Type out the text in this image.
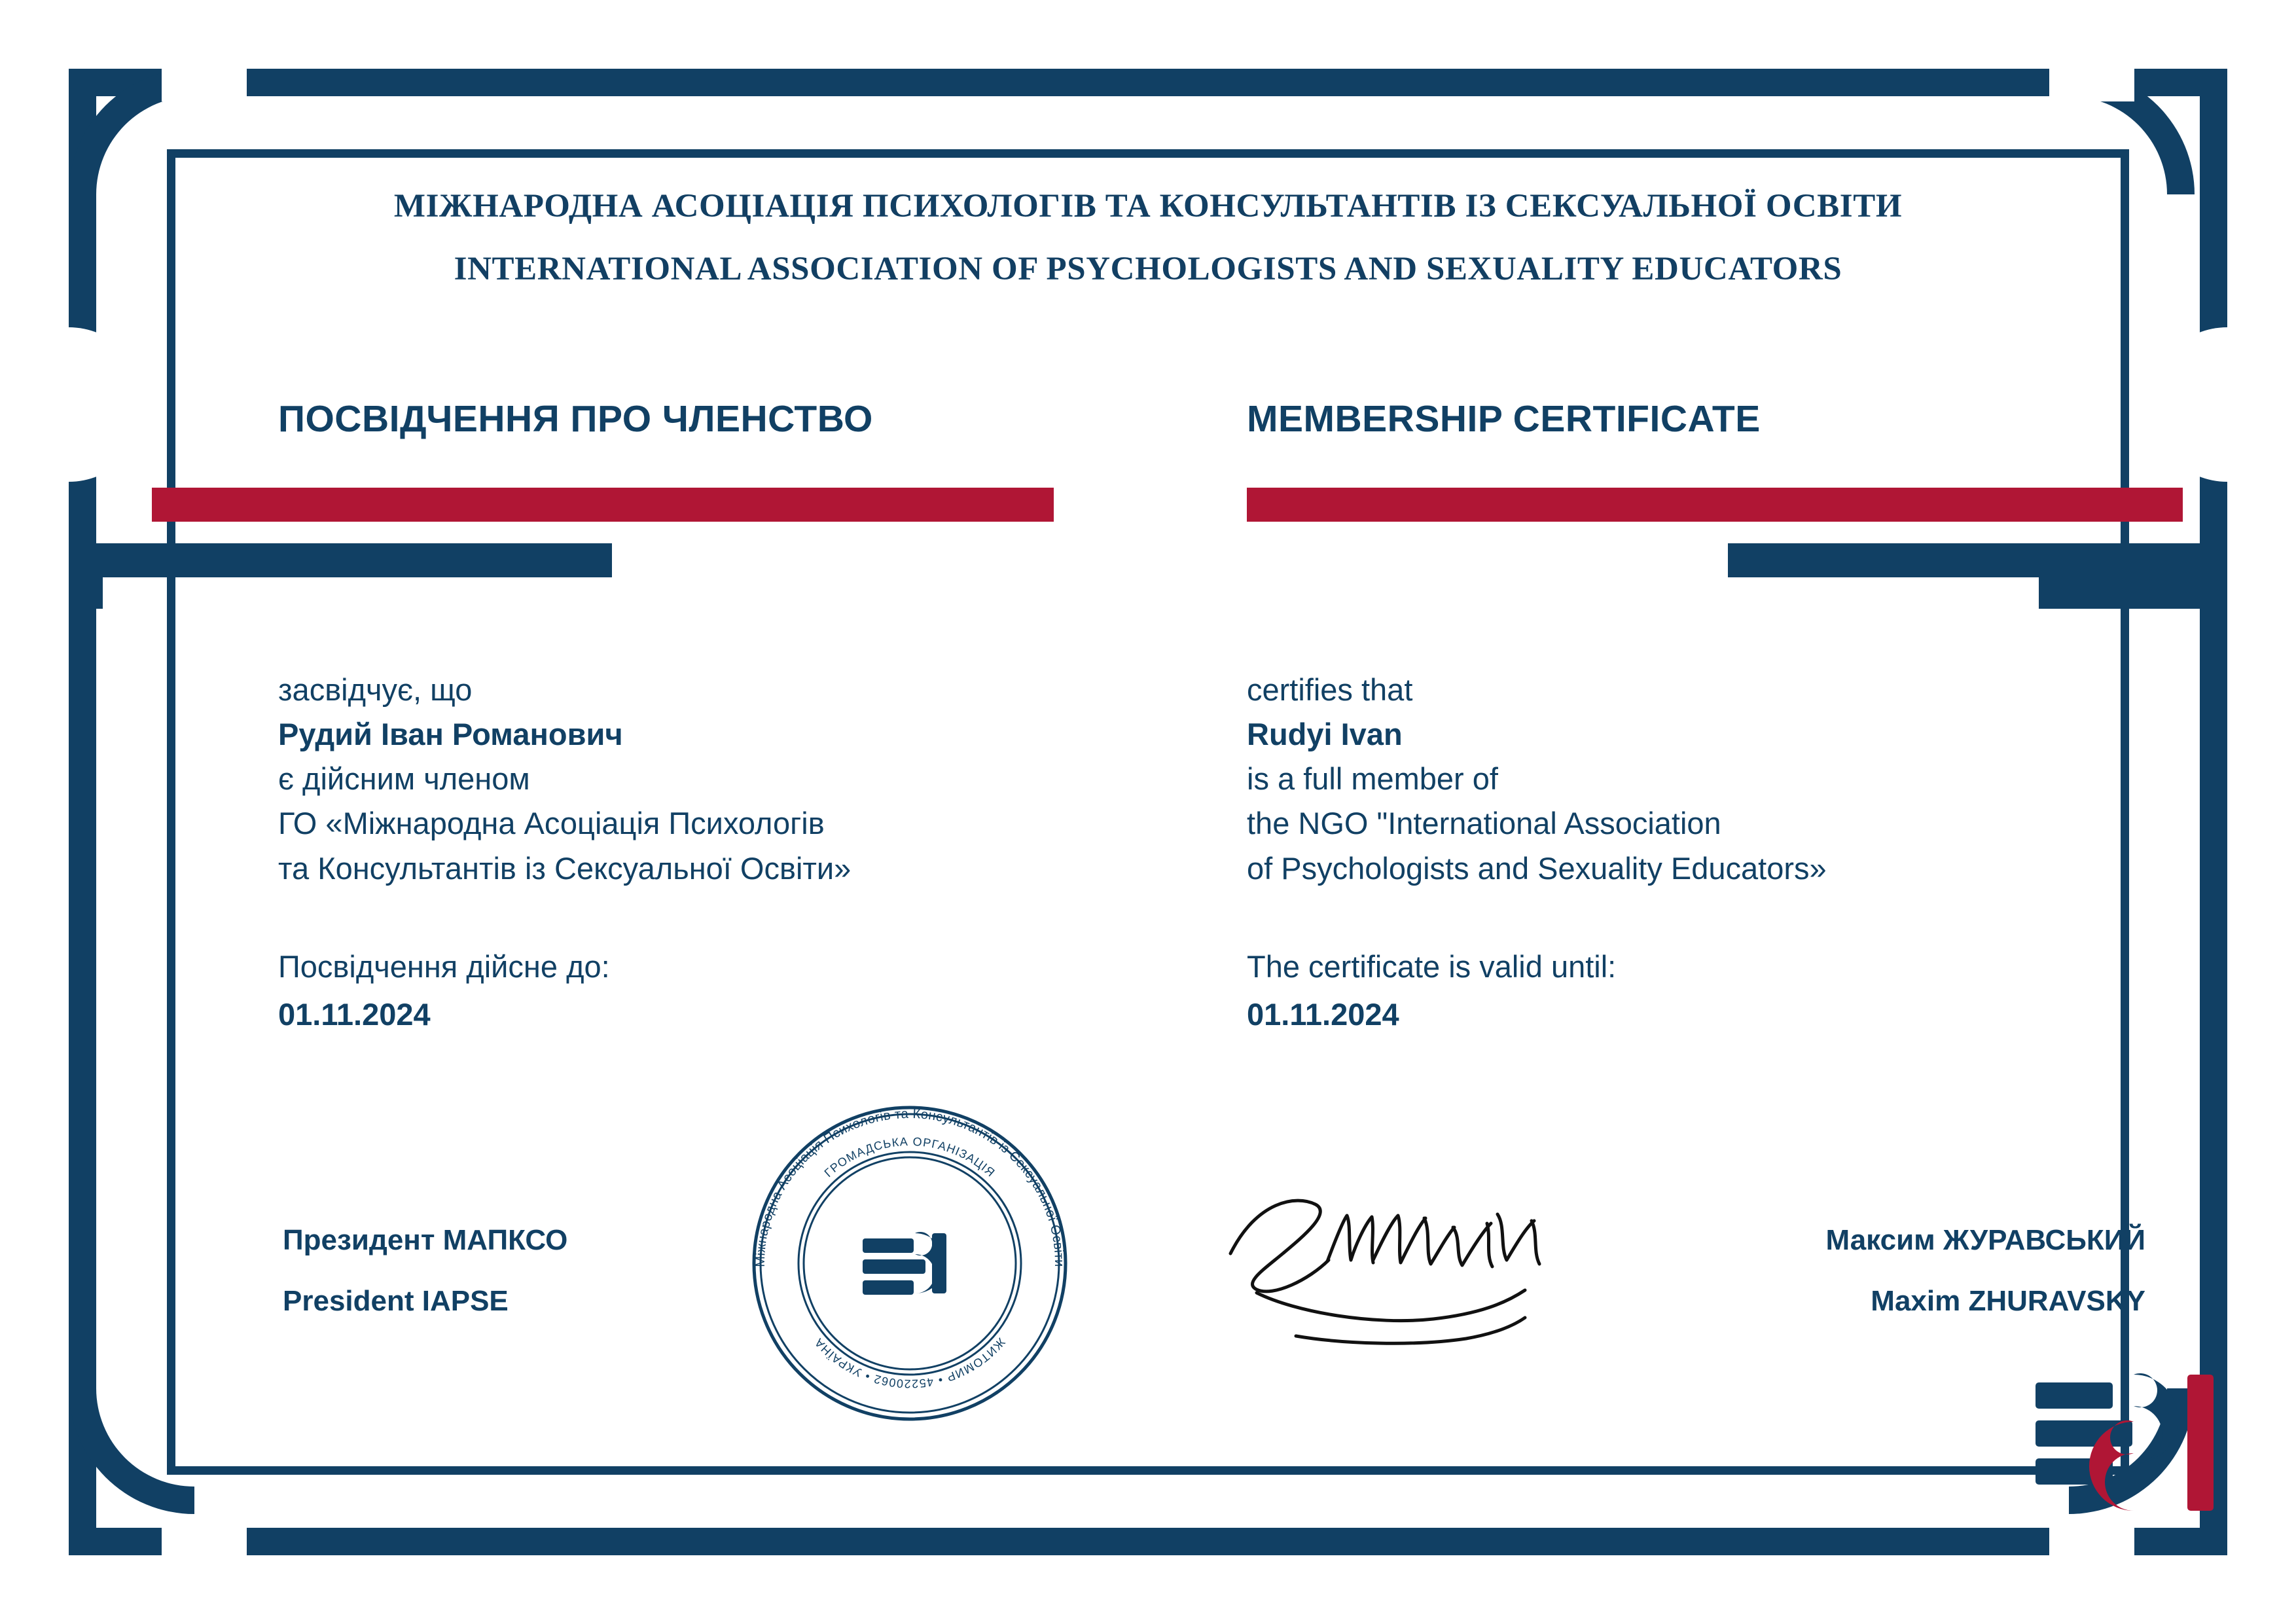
МІЖНАРОДНА АСОЦІАЦІЯ ПСИХОЛОГІВ ТА КОНСУЛЬТАНТІВ ІЗ СЕКСУАЛЬНОЇ ОСВІТИ
INTERNATIONAL ASSOCIATION OF PSYCHOLOGISTS AND SEXUALITY EDUCATORS
ПОСВІДЧЕННЯ ПРО ЧЛЕНСТВО	MEMBERSHIP CERTIFICATE
засвідчує, що
Рудий Іван Романович
є дійсним членом
ГО «Міжнародна Асоціація Психологів
та Консультантів із Сексуальної Освіти»
Посвідчення дійсне до:
01.11.2024
certifies that
Rudyi Ivan
is a full member of
the NGO "International Association
of Psychologists and Sexuality Educators»
The certificate is valid until:
01.11.2024
Президент МАПКСО
President IAPSE
Максим ЖУРАВСЬКИЙ
Maxim ZHURAVSKY
Міжнародна Асоціація Психологів та Консультантів із Сексуальної Освіти
ГРОМАДСЬКА ОРГАНІЗАЦІЯ
ЖИТОМИР • 45220062 • УКРАЇНА
